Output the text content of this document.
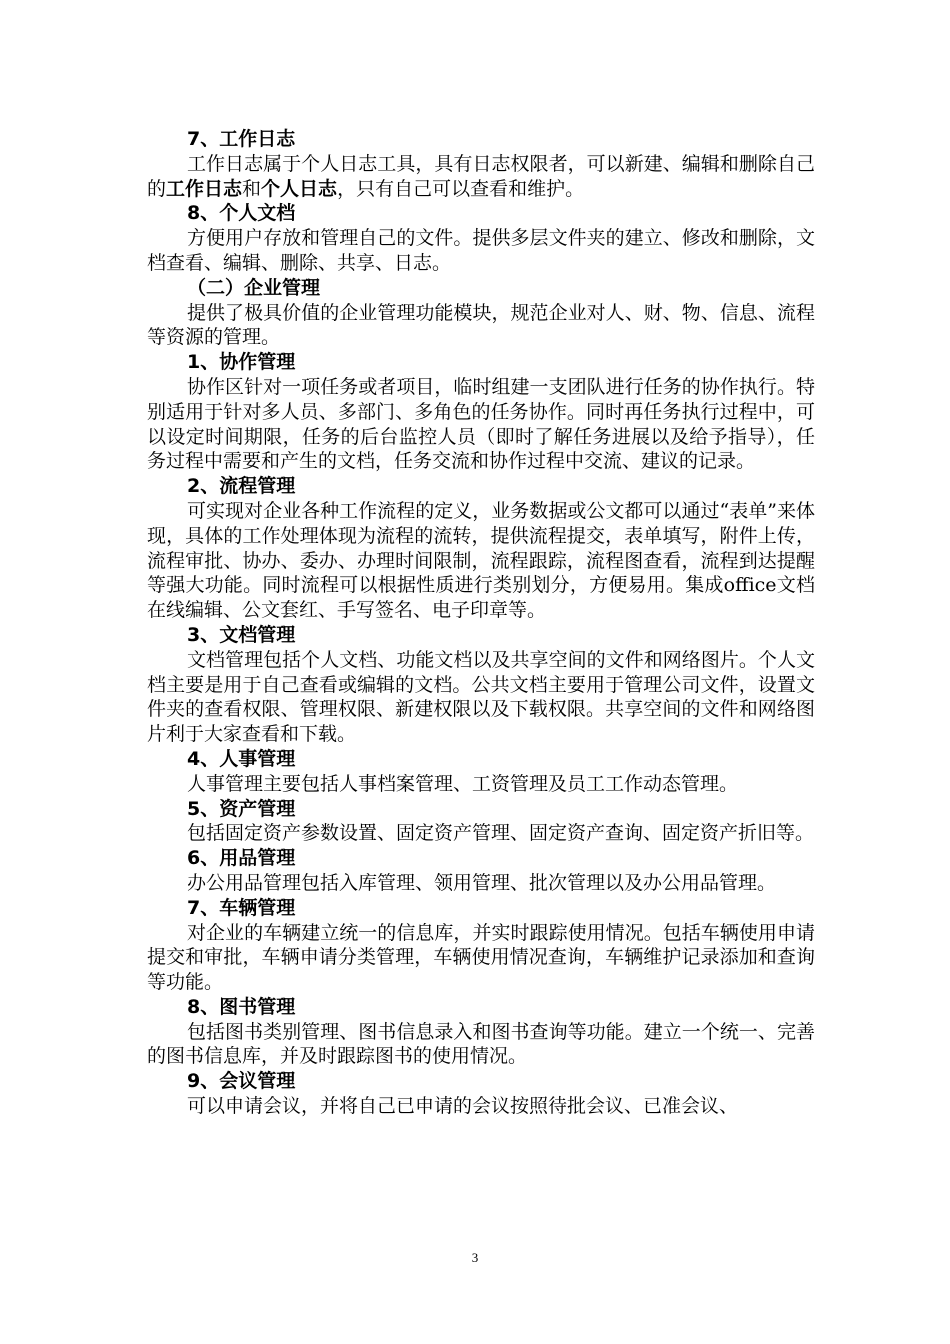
7、工作日志

工作日志属于个人日志工具，具有日志权限者，可以新建、编辑和删除自己的工作日志和个人日志，只有自己可以查看和维护。

8、个人文档

方便用户存放和管理自己的文件。提供多层文件夹的建立、修改和删除，文档查看、编辑、删除、共享、日志。

（二）企业管理

提供了极具价值的企业管理功能模块，规范企业对人、财、物、信息、流程等资源的管理。

1、协作管理

协作区针对一项任务或者项目，临时组建一支团队进行任务的协作执行。特别适用于针对多人员、多部门、多角色的任务协作。同时再任务执行过程中，可以设定时间期限，任务的后台监控人员（即时了解任务进展以及给予指导），任务过程中需要和产生的文档，任务交流和协作过程中交流、建议的记录。

2、流程管理

可实现对企业各种工作流程的定义，业务数据或公文都可以通过“表单”来体现，具体的工作处理体现为流程的流转，提供流程提交，表单填写，附件上传，流程审批、协办、委办、办理时间限制，流程跟踪，流程图查看，流程到达提醒等强大功能。同时流程可以根据性质进行类别划分，方便易用。集成office文档在线编辑、公文套红、手写签名、电子印章等。

3、文档管理

文档管理包括个人文档、功能文档以及共享空间的文件和网络图片。个人文档主要是用于自己查看或编辑的文档。公共文档主要用于管理公司文件，设置文件夹的查看权限、管理权限、新建权限以及下载权限。共享空间的文件和网络图片利于大家查看和下载。

4、人事管理

人事管理主要包括人事档案管理、工资管理及员工工作动态管理。

5、资产管理

包括固定资产参数设置、固定资产管理、固定资产查询、固定资产折旧等。

6、用品管理

办公用品管理包括入库管理、领用管理、批次管理以及办公用品管理。

7、车辆管理

对企业的车辆建立统一的信息库，并实时跟踪使用情况。包括车辆使用申请提交和审批，车辆申请分类管理，车辆使用情况查询，车辆维护记录添加和查询等功能。

8、图书管理

包括图书类别管理、图书信息录入和图书查询等功能。建立一个统一、完善的图书信息库，并及时跟踪图书的使用情况。

9、会议管理

可以申请会议，并将自己已申请的会议按照待批会议、已准会议、

3
